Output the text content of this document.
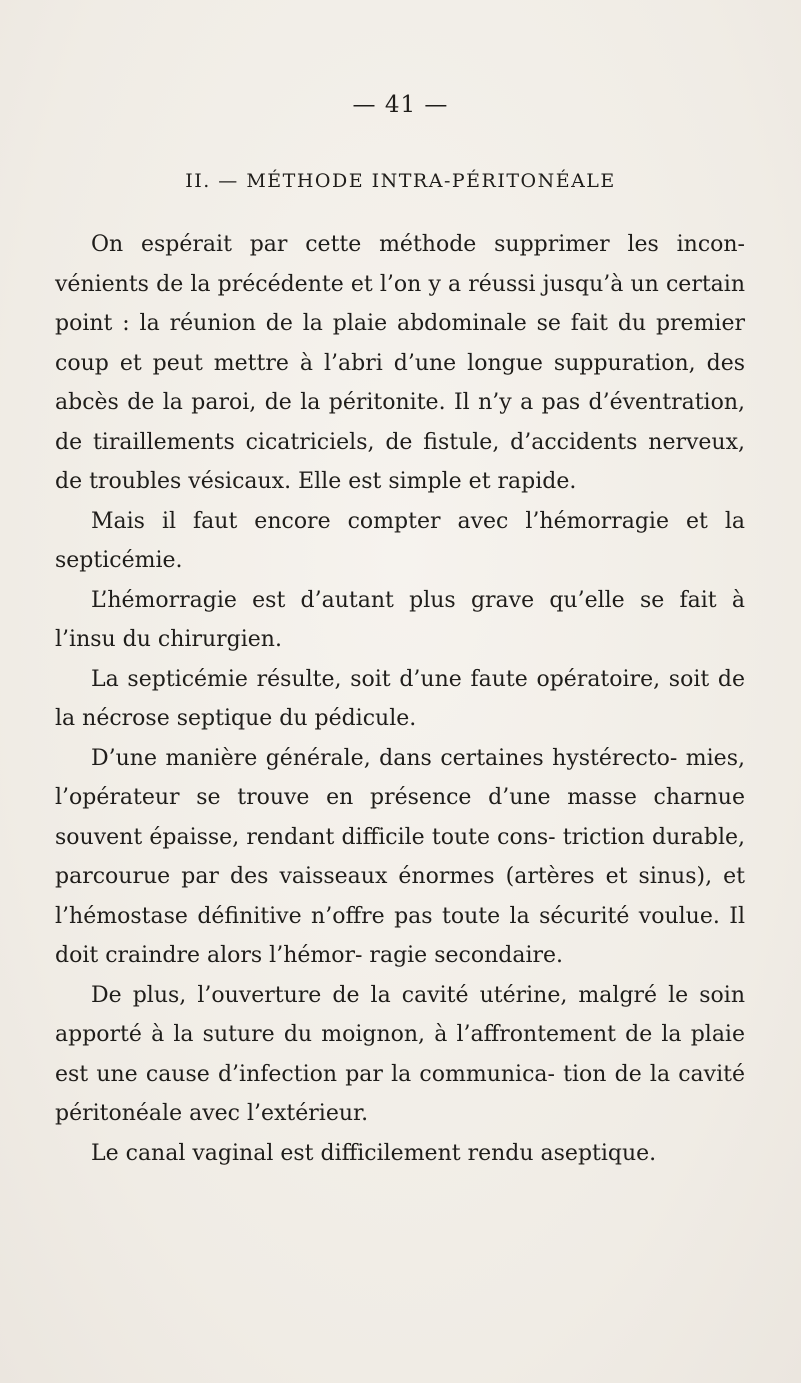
— 41 —
II. — MÉTHODE INTRA-PÉRITONÉALE

On espérait par cette méthode supprimer les incon- vénients de la précédente et l’on y a réussi jusqu’à un certain point : la réunion de la plaie abdominale se fait du premier coup et peut mettre à l’abri d’une longue suppuration, des abcès de la paroi, de la péritonite. Il n’y a pas d’éventration, de tiraillements cicatriciels, de fistule, d’accidents nerveux, de troubles vésicaux. Elle est simple et rapide.

Mais il faut encore compter avec l’hémorragie et la septicémie.

L’hémorragie est d’autant plus grave qu’elle se fait à l’insu du chirurgien.

La septicémie résulte, soit d’une faute opératoire, soit de la nécrose septique du pédicule.

D’une manière générale, dans certaines hystérecto- mies, l’opérateur se trouve en présence d’une masse charnue souvent épaisse, rendant difficile toute cons- triction durable, parcourue par des vaisseaux énormes (artères et sinus), et l’hémostase définitive n’offre pas toute la sécurité voulue. Il doit craindre alors l’hémor- ragie secondaire.

De plus, l’ouverture de la cavité utérine, malgré le soin apporté à la suture du moignon, à l’affrontement de la plaie est une cause d’infection par la communica- tion de la cavité péritonéale avec l’extérieur.

Le canal vaginal est difficilement rendu aseptique.
